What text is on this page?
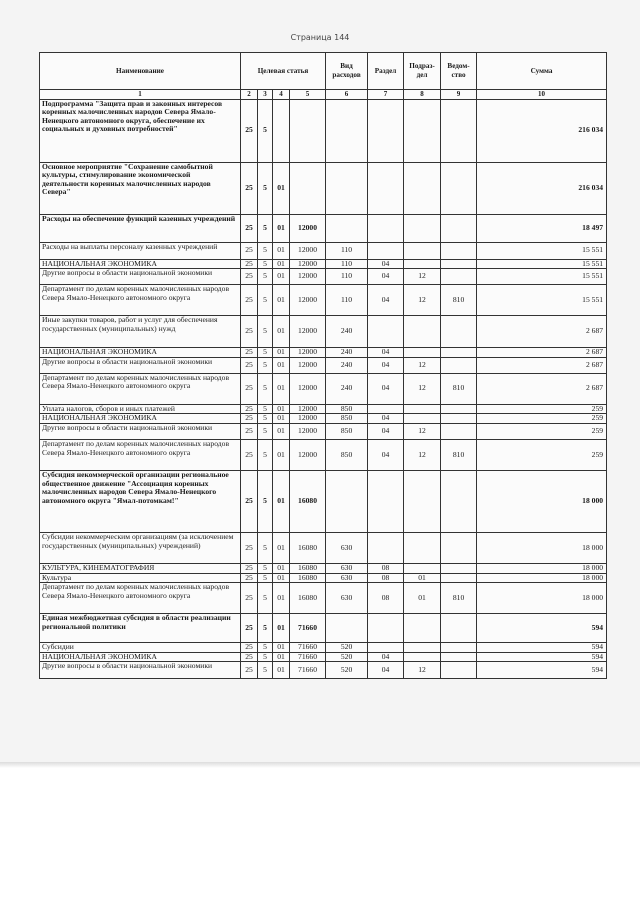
Страница 144
Наименование	Целевая статья				Вид расходов	Раздел	Подраз-дел	Ведом-ство	Сумма
1	2	3	4	5	6	7	8	9	10
Подпрограмма "Защита прав и законных интересов коренных малочисленных народов Севера Ямало-Ненецкого автономного округа, обеспечение их социальных и духовных потребностей"	25	5							216 034
Основное мероприятие "Сохранение самобытной культуры, стимулирование экономической деятельности коренных малочисленных народов Севера"	25	5	01						216 034
Расходы на обеспечение функций казенных учреждений	25	5	01	12000					18 497
Расходы на выплаты персоналу казенных учреждений	25	5	01	12000	110				15 551
НАЦИОНАЛЬНАЯ ЭКОНОМИКА	25	5	01	12000	110	04			15 551
Другие вопросы в области национальной экономики	25	5	01	12000	110	04	12		15 551
Департамент по делам коренных малочисленных народов Севера Ямало-Ненецкого автономного округа	25	5	01	12000	110	04	12	810	15 551
Иные закупки товаров, работ и услуг для обеспечения государственных (муниципальных) нужд	25	5	01	12000	240				2 687
НАЦИОНАЛЬНАЯ ЭКОНОМИКА	25	5	01	12000	240	04			2 687
Другие вопросы в области национальной экономики	25	5	01	12000	240	04	12		2 687
Департамент по делам коренных малочисленных народов Севера Ямало-Ненецкого автономного округа	25	5	01	12000	240	04	12	810	2 687
Уплата налогов, сборов и иных платежей	25	5	01	12000	850				259
НАЦИОНАЛЬНАЯ ЭКОНОМИКА	25	5	01	12000	850	04			259
Другие вопросы в области национальной экономики	25	5	01	12000	850	04	12		259
Департамент по делам коренных малочисленных народов Севера Ямало-Ненецкого автономного округа	25	5	01	12000	850	04	12	810	259
Субсидия некоммерческой организации региональное общественное движение "Ассоциация коренных малочисленных народов Севера Ямало-Ненецкого автономного округа "Ямал-потомкам!"	25	5	01	16080					18 000
Субсидии некоммерческим организациям (за исключением государственных (муниципальных) учреждений)	25	5	01	16080	630				18 000
КУЛЬТУРА, КИНЕМАТОГРАФИЯ	25	5	01	16080	630	08			18 000
Культура	25	5	01	16080	630	08	01		18 000
Департамент по делам коренных малочисленных народов Севера Ямало-Ненецкого автономного округа	25	5	01	16080	630	08	01	810	18 000
Единая межбюджетная субсидия в области реализации региональной политики	25	5	01	71660					594
Субсидии	25	5	01	71660	520				594
НАЦИОНАЛЬНАЯ ЭКОНОМИКА	25	5	01	71660	520	04			594
Другие вопросы в области национальной экономики	25	5	01	71660	520	04	12		594
